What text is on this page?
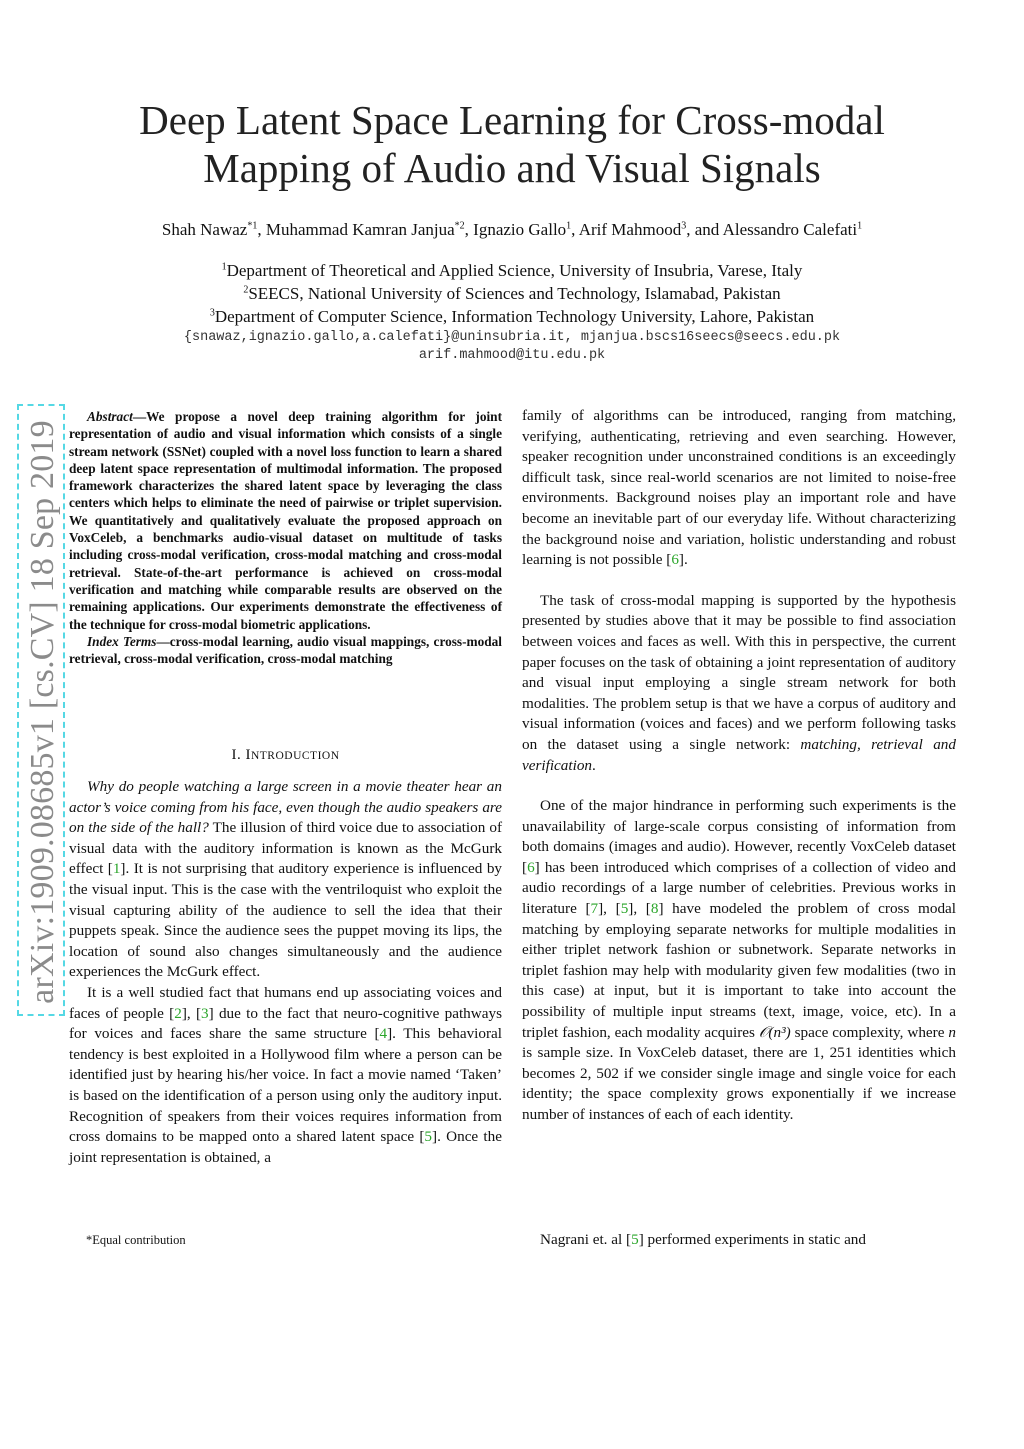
Deep Latent Space Learning for Cross-modal
Mapping of Audio and Visual Signals
Shah Nawaz$^{*1}$, Muhammad Kamran Janjua$^{*2}$, Ignazio Gallo$^1$, Arif Mahmood$^3$, and Alessandro Calefati$^1$
$^1$Department of Theoretical and Applied Science, University of Insubria, Varese, Italy
$^2$SEECS, National University of Sciences and Technology, Islamabad, Pakistan
$^3$Department of Computer Science, Information Technology University, Lahore, Pakistan
{snawaz,ignazio.gallo,a.calefati}@uninsubria.it, mjanjua.bscs16seecs@seecs.edu.pk
arif.mahmood@itu.edu.pk
arXiv:1909.08685v1 [cs.CV] 18 Sep 2019
Abstract—We propose a novel deep training algorithm for joint representation of audio and visual information which consists of a single stream network (SSNet) coupled with a novel loss function to learn a shared deep latent space representation of multimodal information. The proposed framework characterizes the shared latent space by leveraging the class centers which helps to eliminate the need of pairwise or triplet supervision. We quantitatively and qualitatively evaluate the proposed approach on VoxCeleb, a benchmarks audio-visual dataset on multitude of tasks including cross-modal verification, cross-modal matching and cross-modal retrieval. State-of-the-art performance is achieved on cross-modal verification and matching while comparable results are observed on the remaining applications. Our experiments demonstrate the effectiveness of the technique for cross-modal biometric applications.
Index Terms—cross-modal learning, audio visual mappings, cross-modal retrieval, cross-modal verification, cross-modal matching
I. INTRODUCTION

Why do people watching a large screen in a movie theater hear an actor’s voice coming from his face, even though the audio speakers are on the side of the hall? The illusion of third voice due to association of visual data with the auditory information is known as the McGurk effect [1]. It is not surprising that auditory experience is influenced by the visual input. This is the case with the ventriloquist who exploit the visual capturing ability of the audience to sell the idea that their puppets speak. Since the audience sees the puppet moving its lips, the location of sound also changes simultaneously and the audience experiences the McGurk effect.

It is a well studied fact that humans end up associating voices and faces of people [2], [3] due to the fact that neuro-cognitive pathways for voices and faces share the same structure [4]. This behavioral tendency is best exploited in a Hollywood film where a person can be identified just by hearing his/her voice. In fact a movie named ‘Taken’ is based on the identification of a person using only the auditory input. Recognition of speakers from their voices requires information from cross domains to be mapped onto a shared latent space [5]. Once the joint representation is obtained, a

*Equal contribution
family of algorithms can be introduced, ranging from matching, verifying, authenticating, retrieving and even searching. However, speaker recognition under unconstrained conditions is an exceedingly difficult task, since real-world scenarios are not limited to noise-free environments. Background noises play an important role and have become an inevitable part of our everyday life. Without characterizing the background noise and variation, holistic understanding and robust learning is not possible [6].

The task of cross-modal mapping is supported by the hypothesis presented by studies above that it may be possible to find association between voices and faces as well. With this in perspective, the current paper focuses on the task of obtaining a joint representation of auditory and visual input employing a single stream network for both modalities. The problem setup is that we have a corpus of auditory and visual information (voices and faces) and we perform following tasks on the dataset using a single network: matching, retrieval and verification.

One of the major hindrance in performing such experiments is the unavailability of large-scale corpus consisting of information from both domains (images and audio). However, recently VoxCeleb dataset [6] has been introduced which comprises of a collection of video and audio recordings of a large number of celebrities. Previous works in literature [7], [5], [8] have modeled the problem of cross modal matching by employing separate networks for multiple modalities in either triplet network fashion or subnetwork. Separate networks in triplet fashion may help with modularity given few modalities (two in this case) at input, but it is important to take into account the possibility of multiple input streams (text, image, voice, etc). In a triplet fashion, each modality acquires 𝒪(n³) space complexity, where n is sample size. In VoxCeleb dataset, there are 1, 251 identities which becomes 2, 502 if we consider single image and single voice for each identity; the space complexity grows exponentially if we increase number of instances of each of each identity.

Nagrani et. al [5] performed experiments in static and
